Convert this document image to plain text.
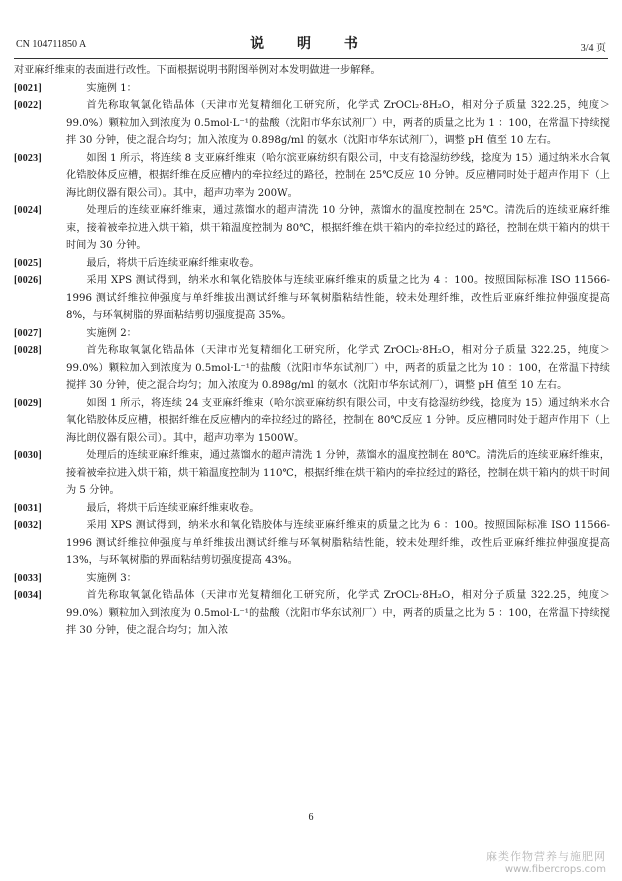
CN 104711850 A	说 明 书	3/4 页
对亚麻纤维束的表面进行改性。下面根据说明书附图举例对本发明做进一步解释。
[0021]	实施例 1：
[0022]	首先称取氧氯化锆晶体（天津市光复精细化工研究所，化学式 ZrOCl₂·8H₂O，相对分子质量 322.25，纯度＞99.0%）颗粒加入到浓度为 0.5mol·L⁻¹的盐酸（沈阳市华东试剂厂）中，两者的质量之比为 1 ：100，在常温下持续搅拌 30 分钟，使之混合均匀；加入浓度为 0.898g/ml 的氨水（沈阳市华东试剂厂），调整 pH 值至 10 左右。
[0023]	如图 1 所示，将连续 8 支亚麻纤维束（哈尔滨亚麻纺织有限公司，中支有捻湿纺纱线，捻度为 15）通过纳米水合氧化锆胶体反应槽，根据纤维在反应槽内的牵拉经过的路径，控制在 25℃反应 10 分钟。反应槽同时处于超声作用下（上海比朗仪器有限公司）。其中，超声功率为 200W。
[0024]	处理后的连续亚麻纤维束，通过蒸馏水的超声清洗 10 分钟，蒸馏水的温度控制在 25℃。清洗后的连续亚麻纤维束，接着被牵拉进入烘干箱，烘干箱温度控制为 80℃，根据纤维在烘干箱内的牵拉经过的路径，控制在烘干箱内的烘干时间为 30 分钟。
[0025]	最后，将烘干后连续亚麻纤维束收卷。
[0026]	采用 XPS 测试得到，纳米水和氧化锆胶体与连续亚麻纤维束的质量之比为 4 ：100。按照国际标准 ISO 11566-1996 测试纤维拉伸强度与单纤维拔出测试纤维与环氧树脂粘结性能，较未处理纤维，改性后亚麻纤维拉伸强度提高 8%，与环氧树脂的界面粘结剪切强度提高 35%。
[0027]	实施例 2：
[0028]	首先称取氧氯化锆晶体（天津市光复精细化工研究所，化学式 ZrOCl₂·8H₂O，相对分子质量 322.25，纯度＞99.0%）颗粒加入到浓度为 0.5mol·L⁻¹的盐酸（沈阳市华东试剂厂）中，两者的质量之比为 10 ：100，在常温下持续搅拌 30 分钟，使之混合均匀；加入浓度为 0.898g/ml 的氨水（沈阳市华东试剂厂），调整 pH 值至 10 左右。
[0029]	如图 1 所示，将连续 24 支亚麻纤维束（哈尔滨亚麻纺织有限公司，中支有捻湿纺纱线，捻度为 15）通过纳米水合氧化锆胶体反应槽，根据纤维在反应槽内的牵拉经过的路径，控制在 80℃反应 1 分钟。反应槽同时处于超声作用下（上海比朗仪器有限公司）。其中，超声功率为 1500W。
[0030]	处理后的连续亚麻纤维束，通过蒸馏水的超声清洗 1 分钟，蒸馏水的温度控制在 80℃。清洗后的连续亚麻纤维束，接着被牵拉进入烘干箱，烘干箱温度控制为 110℃，根据纤维在烘干箱内的牵拉经过的路径，控制在烘干箱内的烘干时间为 5 分钟。
[0031]	最后，将烘干后连续亚麻纤维束收卷。
[0032]	采用 XPS 测试得到，纳米水和氧化锆胶体与连续亚麻纤维束的质量之比为 6 ：100。按照国际标准 ISO 11566-1996 测试纤维拉伸强度与单纤维拔出测试纤维与环氧树脂粘结性能，较未处理纤维，改性后亚麻纤维拉伸强度提高 13%，与环氧树脂的界面粘结剪切强度提高 43%。
[0033]	实施例 3：
[0034]	首先称取氧氯化锆晶体（天津市光复精细化工研究所，化学式 ZrOCl₂·8H₂O，相对分子质量 322.25，纯度＞99.0%）颗粒加入到浓度为 0.5mol·L⁻¹的盐酸（沈阳市华东试剂厂）中，两者的质量之比为 5 ：100，在常温下持续搅拌 30 分钟，使之混合均匀；加入浓
6
麻类作物营养与施肥网
www.fibercrops.com
